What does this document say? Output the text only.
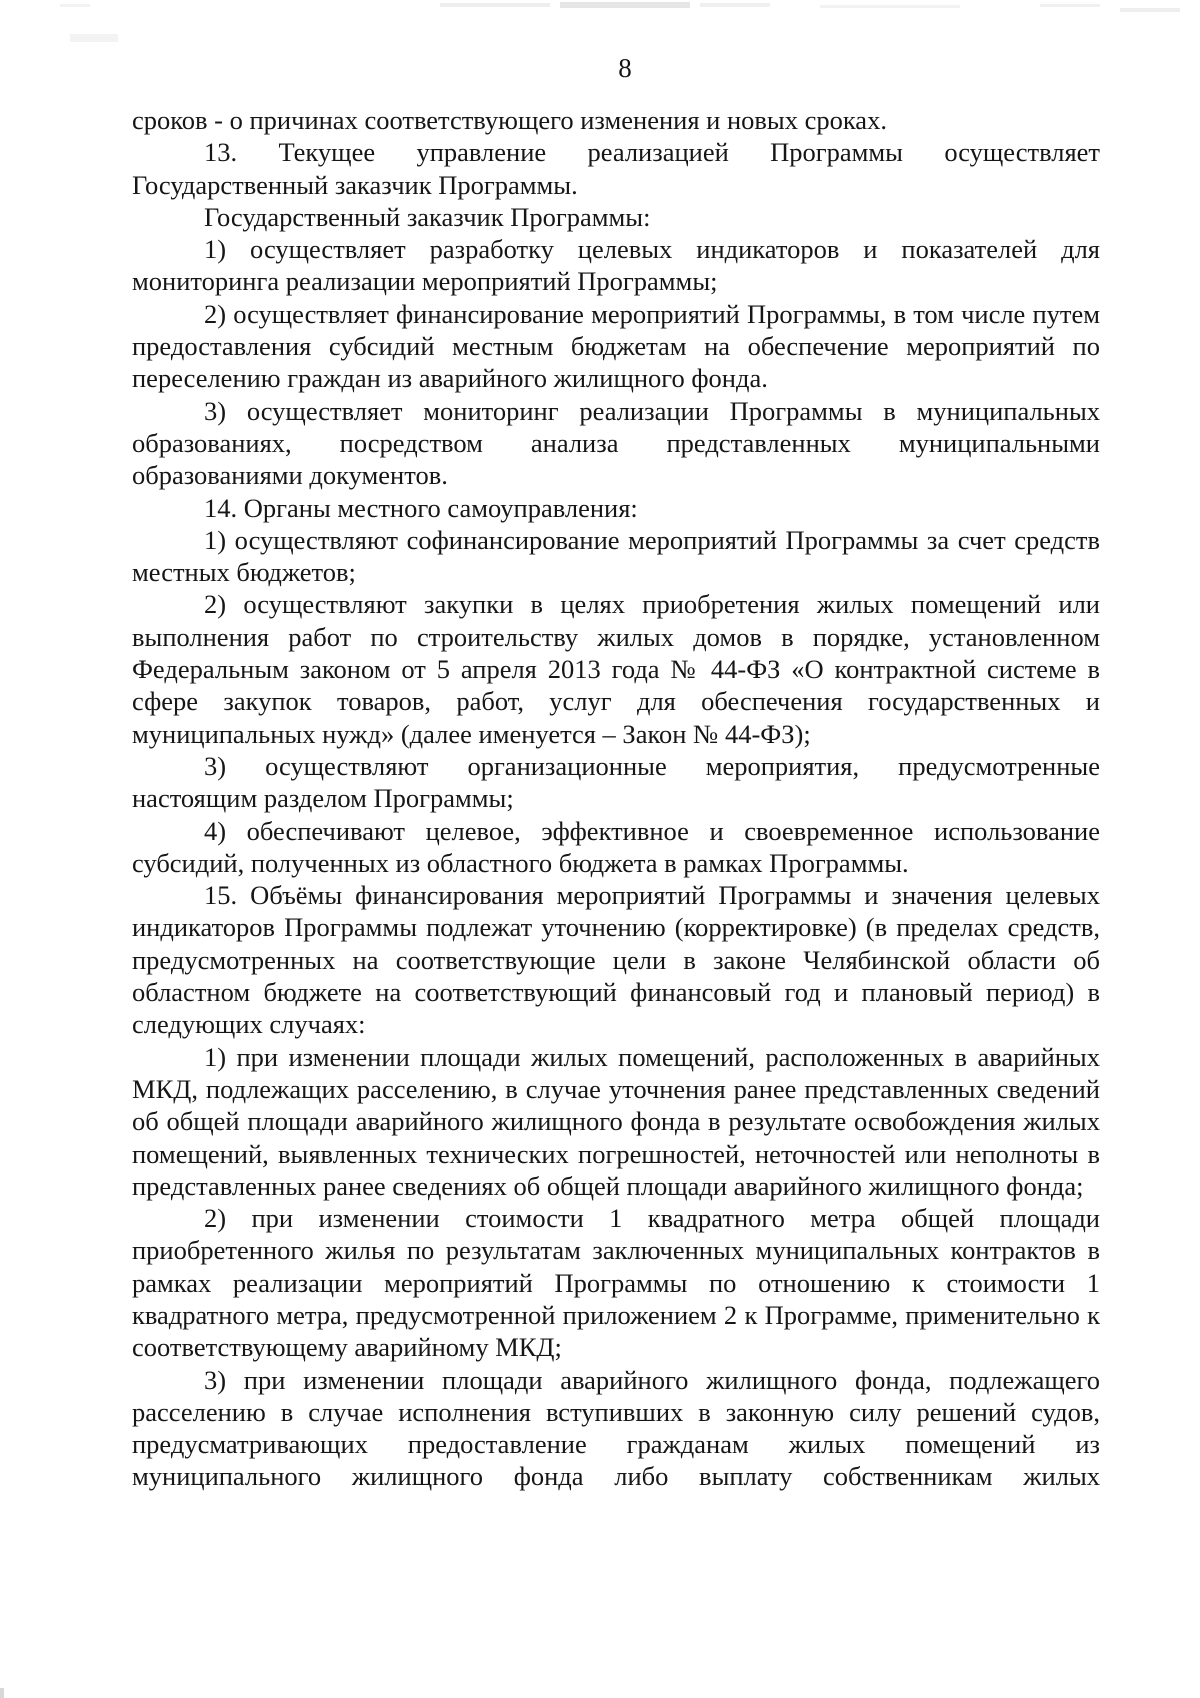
8

сроков - о причинах соответствующего изменения и новых сроках.

13. Текущее управление реализацией Программы осуществляет Государственный заказчик Программы.

Государственный заказчик Программы:

1) осуществляет разработку целевых индикаторов и показателей для мониторинга реализации мероприятий Программы;

2) осуществляет финансирование мероприятий Программы, в том числе путем предоставления субсидий местным бюджетам на обеспечение мероприятий по переселению граждан из аварийного жилищного фонда.

3) осуществляет мониторинг реализации Программы в муниципальных образованиях, посредством анализа представленных муниципальными образованиями документов.

14. Органы местного самоуправления:

1) осуществляют софинансирование мероприятий Программы за счет средств местных бюджетов;

2) осуществляют закупки в целях приобретения жилых помещений или выполнения работ по строительству жилых домов в порядке, установленном Федеральным законом от 5 апреля 2013 года № 44-ФЗ «О контрактной системе в сфере закупок товаров, работ, услуг для обеспечения государственных и муниципальных нужд» (далее именуется – Закон № 44-ФЗ);

3) осуществляют организационные мероприятия, предусмотренные настоящим разделом Программы;

4) обеспечивают целевое, эффективное и своевременное использование субсидий, полученных из областного бюджета в рамках Программы.

15. Объёмы финансирования мероприятий Программы и значения целевых индикаторов Программы подлежат уточнению (корректировке) (в пределах средств, предусмотренных на соответствующие цели в законе Челябинской области об областном бюджете на соответствующий финансовый год и плановый период) в следующих случаях:

1) при изменении площади жилых помещений, расположенных в аварийных МКД, подлежащих расселению, в случае уточнения ранее представленных сведений об общей площади аварийного жилищного фонда в результате освобождения жилых помещений, выявленных технических погрешностей, неточностей или неполноты в представленных ранее сведениях об общей площади аварийного жилищного фонда;

2) при изменении стоимости 1 квадратного метра общей площади приобретенного жилья по результатам заключенных муниципальных контрактов в рамках реализации мероприятий Программы по отношению к стоимости 1 квадратного метра, предусмотренной приложением 2 к Программе, применительно к соответствующему аварийному МКД;

3) при изменении площади аварийного жилищного фонда, подлежащего расселению в случае исполнения вступивших в законную силу решений судов, предусматривающих предоставление гражданам жилых помещений из муниципального жилищного фонда либо выплату собственникам жилых
